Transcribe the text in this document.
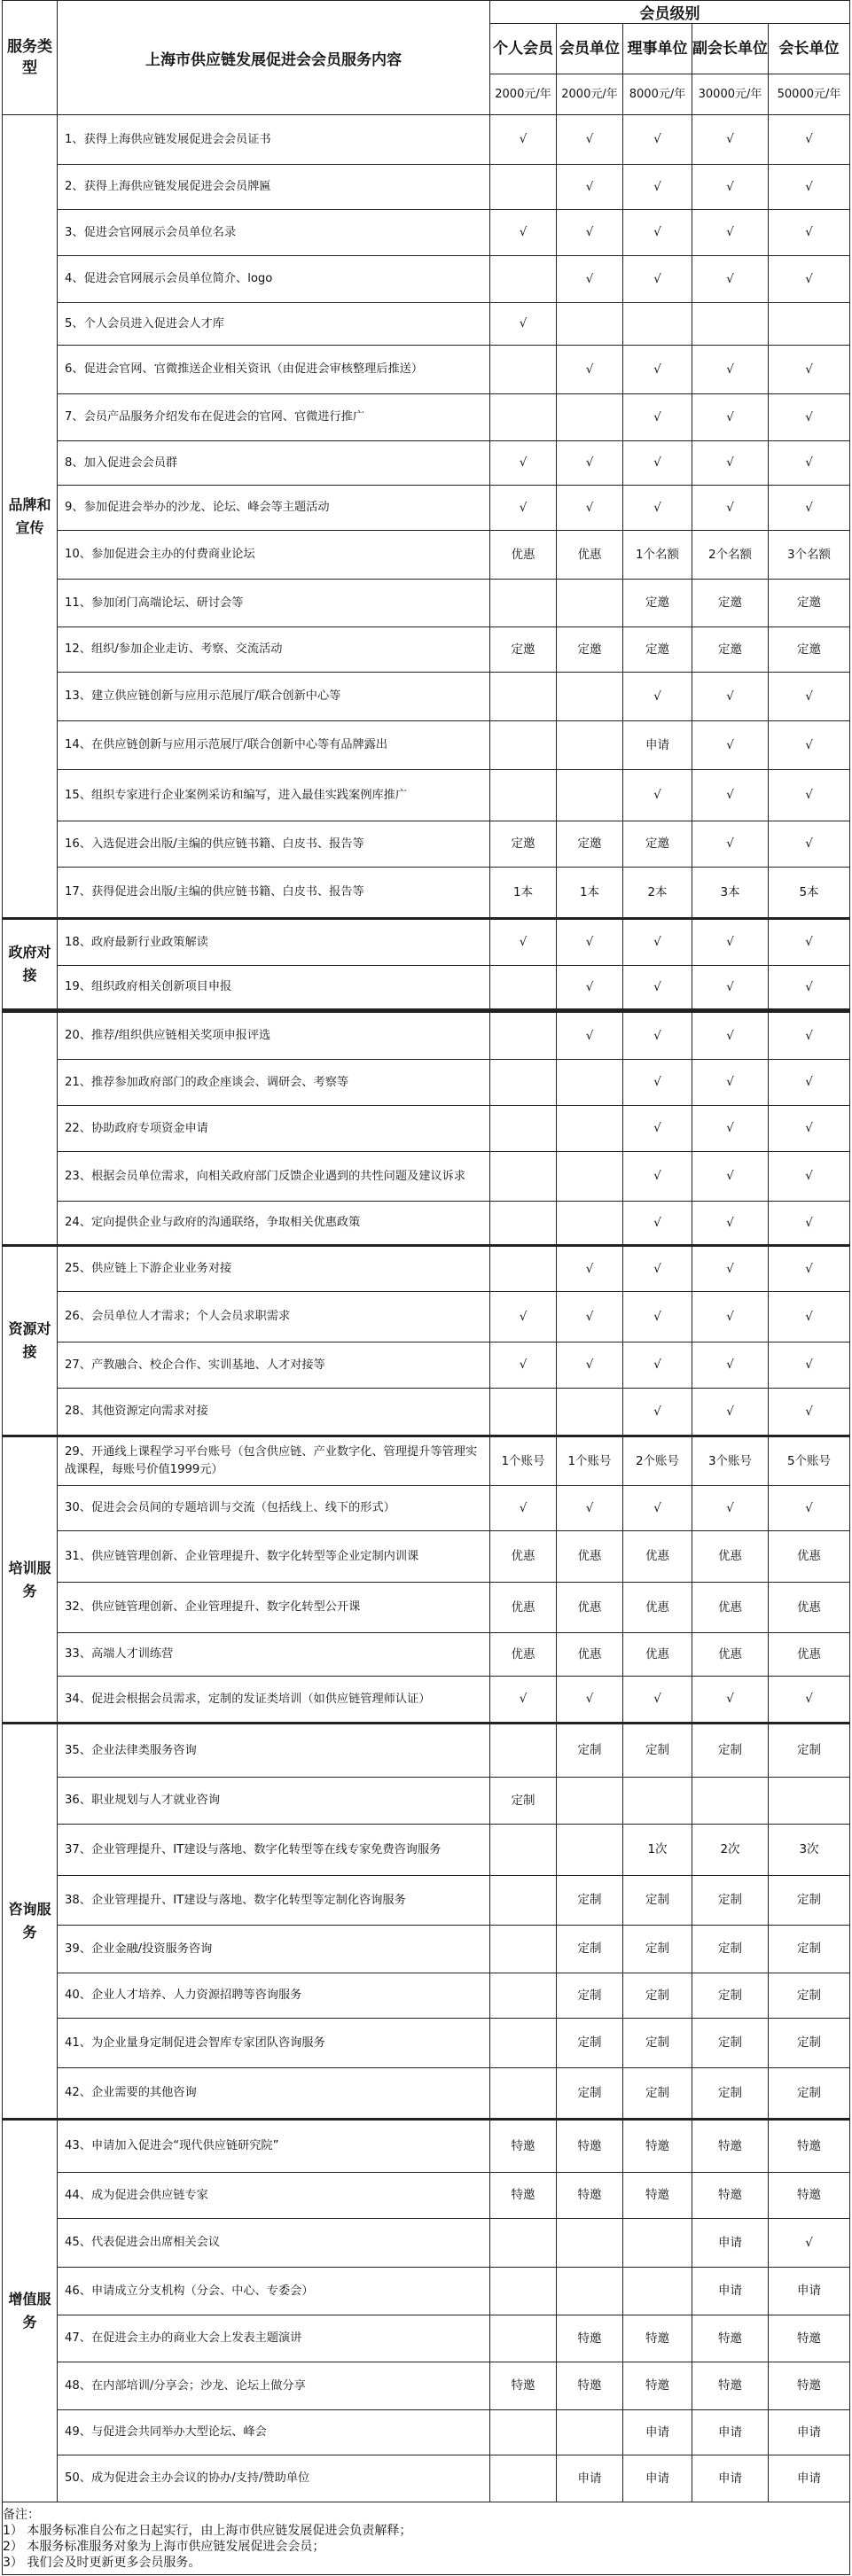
服务类型	上海市供应链发展促进会会员服务内容	会员级别				
		个人会员	会员单位	理事单位	副会长单位	会长单位
		2000元/年	2000元/年	8000元/年	30000元/年	50000元/年
品牌和宣传	1、获得上海供应链发展促进会会员证书	√	√	√	√	√
	2、获得上海供应链发展促进会会员牌匾		√	√	√	√
	3、促进会官网展示会员单位名录	√	√	√	√	√
	4、促进会官网展示会员单位简介、logo		√	√	√	√
	5、个人会员进入促进会人才库	√				
	6、促进会官网、官微推送企业相关资讯（由促进会审核整理后推送）		√	√	√	√
	7、会员产品服务介绍发布在促进会的官网、官微进行推广			√	√	√
	8、加入促进会会员群	√	√	√	√	√
	9、参加促进会举办的沙龙、论坛、峰会等主题活动	√	√	√	√	√
	10、参加促进会主办的付费商业论坛	优惠	优惠	1个名额	2个名额	3个名额
	11、参加闭门高端论坛、研讨会等			定邀	定邀	定邀
	12、组织/参加企业走访、考察、交流活动	定邀	定邀	定邀	定邀	定邀
	13、建立供应链创新与应用示范展厅/联合创新中心等			√	√	√
	14、在供应链创新与应用示范展厅/联合创新中心等有品牌露出			申请	√	√
	15、组织专家进行企业案例采访和编写，进入最佳实践案例库推广			√	√	√
	16、入选促进会出版/主编的供应链书籍、白皮书、报告等	定邀	定邀	定邀	√	√
	17、获得促进会出版/主编的供应链书籍、白皮书、报告等	1本	1本	2本	3本	5本
政府对接	18、政府最新行业政策解读	√	√	√	√	√
	19、组织政府相关创新项目申报		√	√	√	√
	20、推荐/组织供应链相关奖项申报评选		√	√	√	√
	21、推荐参加政府部门的政企座谈会、调研会、考察等			√	√	√
	22、协助政府专项资金申请			√	√	√
	23、根据会员单位需求，向相关政府部门反馈企业遇到的共性问题及建议诉求			√	√	√
	24、定向提供企业与政府的沟通联络，争取相关优惠政策			√	√	√
资源对接	25、供应链上下游企业业务对接		√	√	√	√
	26、会员单位人才需求；个人会员求职需求	√	√	√	√	√
	27、产教融合、校企合作、实训基地、人才对接等	√	√	√	√	√
	28、其他资源定向需求对接			√	√	√
培训服务	29、开通线上课程学习平台账号（包含供应链、产业数字化、管理提升等管理实战课程，每账号价值1999元）	1个账号	1个账号	2个账号	3个账号	5个账号
	30、促进会会员间的专题培训与交流（包括线上、线下的形式）	√	√	√	√	√
	31、供应链管理创新、企业管理提升、数字化转型等企业定制内训课	优惠	优惠	优惠	优惠	优惠
	32、供应链管理创新、企业管理提升、数字化转型公开课	优惠	优惠	优惠	优惠	优惠
	33、高端人才训练营	优惠	优惠	优惠	优惠	优惠
	34、促进会根据会员需求，定制的发证类培训（如供应链管理师认证）	√	√	√	√	√
咨询服务	35、企业法律类服务咨询		定制	定制	定制	定制
	36、职业规划与人才就业咨询	定制				
	37、企业管理提升、IT建设与落地、数字化转型等在线专家免费咨询服务			1次	2次	3次
	38、企业管理提升、IT建设与落地、数字化转型等定制化咨询服务		定制	定制	定制	定制
	39、企业金融/投资服务咨询		定制	定制	定制	定制
	40、企业人才培养、人力资源招聘等咨询服务		定制	定制	定制	定制
	41、为企业量身定制促进会智库专家团队咨询服务		定制	定制	定制	定制
	42、企业需要的其他咨询		定制	定制	定制	定制
增值服务	43、申请加入促进会“现代供应链研究院”	特邀	特邀	特邀	特邀	特邀
	44、成为促进会供应链专家	特邀	特邀	特邀	特邀	特邀
	45、代表促进会出席相关会议				申请	√
	46、申请成立分支机构（分会、中心、专委会）				申请	申请
	47、在促进会主办的商业大会上发表主题演讲		特邀	特邀	特邀	特邀
	48、在内部培训/分享会；沙龙、论坛上做分享	特邀	特邀	特邀	特邀	特邀
	49、与促进会共同举办大型论坛、峰会			申请	申请	申请
	50、成为促进会主办会议的协办/支持/赞助单位		申请	申请	申请	申请

备注：
1） 本服务标准自公布之日起实行，由上海市供应链发展促进会负责解释；
2） 本服务标准服务对象为上海市供应链发展促进会会员；
3） 我们会及时更新更多会员服务。						
